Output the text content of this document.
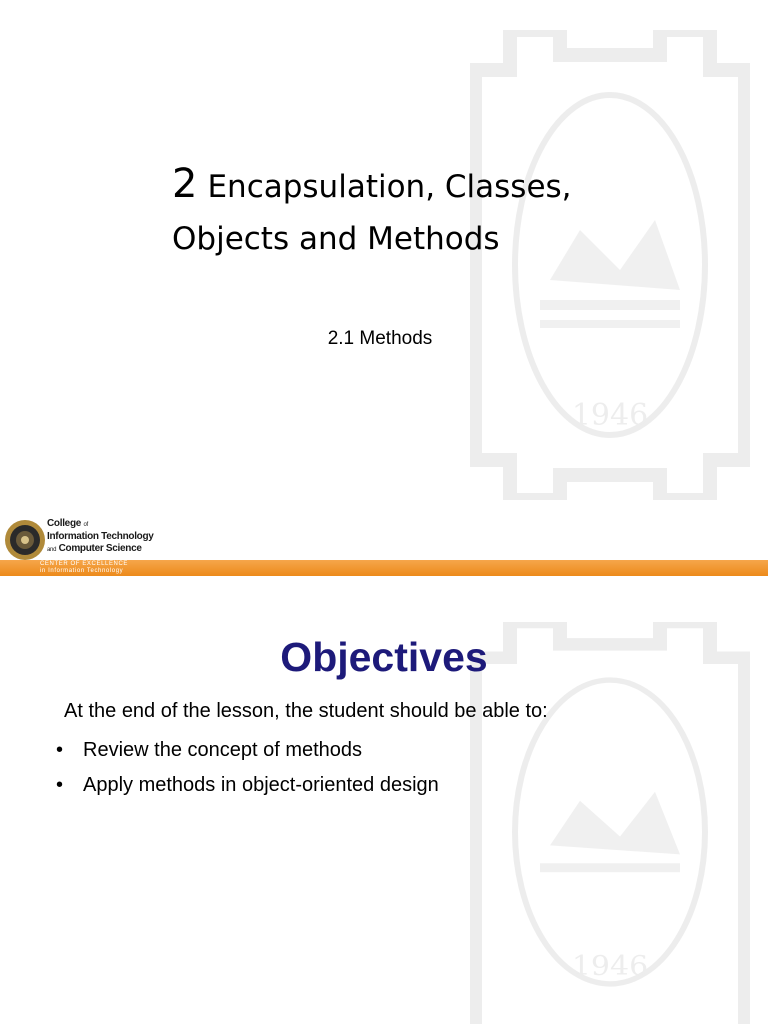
1946
2 Encapsulation, Classes,
Objects and Methods
2.1 Methods
College of
Information Technology
and Computer Science
CENTER OF EXCELLENCE
in Information Technology
1946
Objectives
At the end of the lesson, the student should be able to:
• Review the concept of methods
• Apply methods in object-oriented design
